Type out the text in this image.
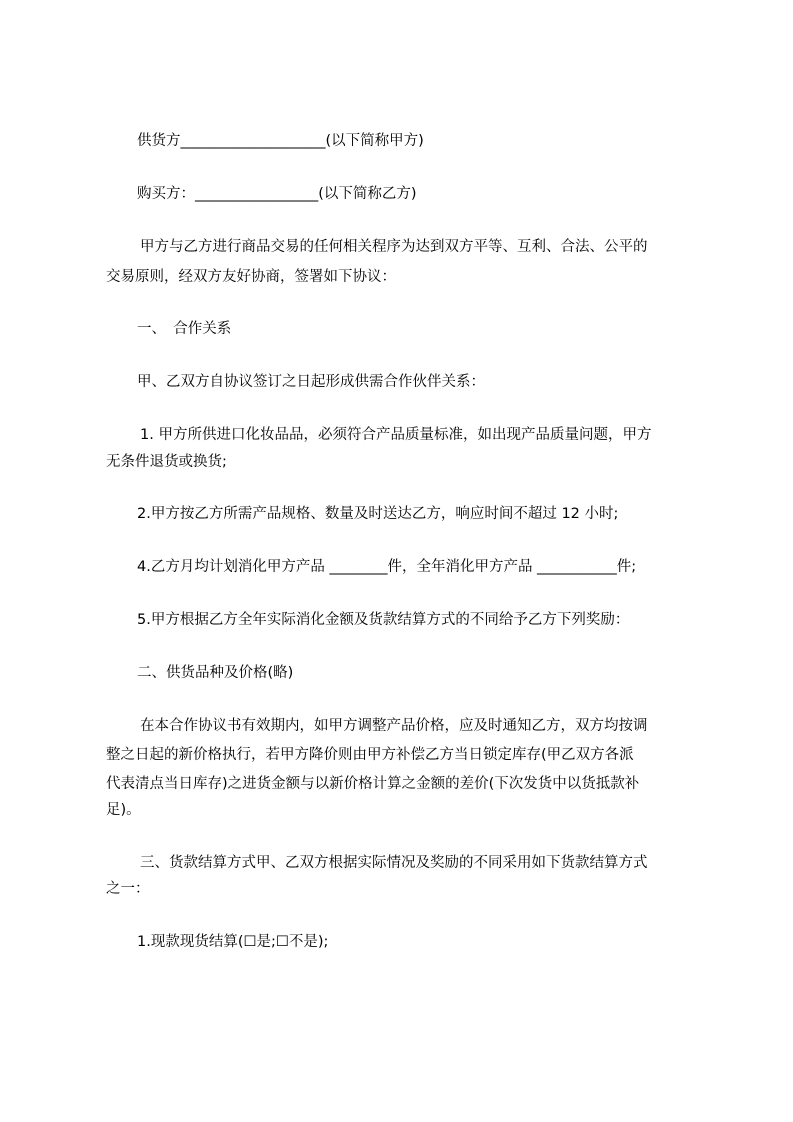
供货方____________________(以下简称甲方)
购买方：_________________(以下简称乙方)
甲方与乙方进行商品交易的任何相关程序为达到双方平等、互利、合法、公平的
交易原则，经双方友好协商，签署如下协议：
一、　合作关系
甲、乙双方自协议签订之日起形成供需合作伙伴关系：
1. 甲方所供进口化妆品品，必须符合产品质量标准，如出现产品质量问题，甲方
无条件退货或换货;
2.甲方按乙方所需产品规格、数量及时送达乙方，响应时间不超过 12 小时;
4.乙方月均计划消化甲方产品 ________件，全年消化甲方产品 ___________件;
5.甲方根据乙方全年实际消化金额及货款结算方式的不同给予乙方下列奖励：
二、供货品种及价格(略)
在本合作协议书有效期内，如甲方调整产品价格，应及时通知乙方，双方均按调
整之日起的新价格执行，若甲方降价则由甲方补偿乙方当日锁定库存(甲乙双方各派
代表清点当日库存)之进货金额与以新价格计算之金额的差价(下次发货中以货抵款补
足)。
三、货款结算方式甲、乙双方根据实际情况及奖励的不同采用如下货款结算方式
之一：
1.现款现货结算(☐是;☐不是);
